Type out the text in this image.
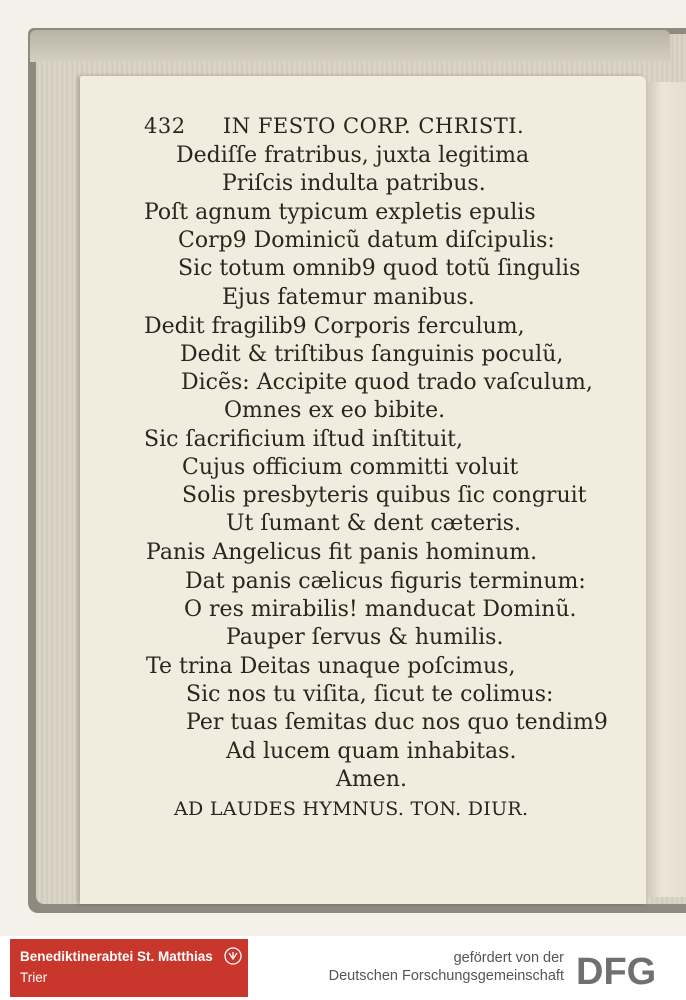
432 IN FESTO CORP. CHRISTI.
Dediſſe fratribus, juxta legitima
Priſcis indulta patribus.
Poſt agnum typicum expletis epulis
Corp9 Dominicũ datum diſcipulis:
Sic totum omnib9 quod totũ ſingulis
Ejus fatemur manibus.
Dedit fragilib9 Corporis ferculum,
Dedit & triſtibus ſanguinis poculũ,
Dicẽs: Accipite quod trado vaſculum,
Omnes ex eo bibite.
Sic ſacrificium iſtud inſtituit,
Cujus officium committi voluit
Solis presbyteris quibus ſic congruit
Ut ſumant & dent cæteris.
Panis Angelicus fit panis hominum.
Dat panis cælicus figuris terminum:
O res mirabilis! manducat Dominũ.
Pauper ſervus & humilis.
Te trina Deitas unaque poſcimus,
Sic nos tu viſita, ſicut te colimus:
Per tuas ſemitas duc nos quo tendim9
Ad lucem quam inhabitas.
Amen.
AD LAUDES HYMNUS. TON. DIUR.
Benediktinerabtei St. Matthias
Trier
gefördert von der
Deutschen Forschungsgemeinschaft DFG
